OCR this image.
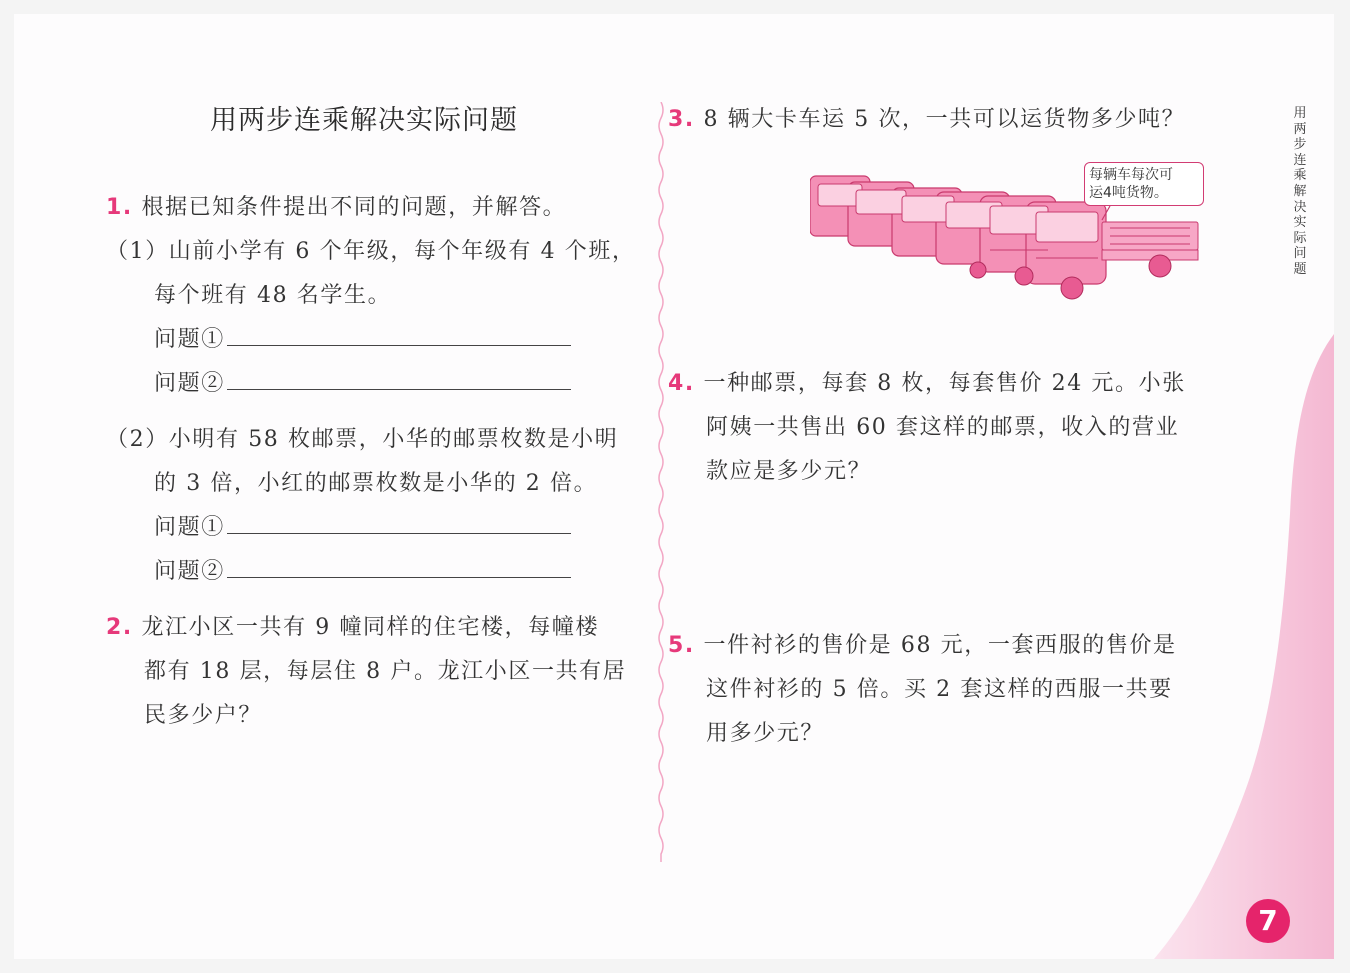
用两步连乘解决实际问题
1. 根据已知条件提出不同的问题，并解答。
（1）山前小学有 6 个年级，每个年级有 4 个班，
每个班有 48 名学生。
问题①
问题②
（2）小明有 58 枚邮票，小华的邮票枚数是小明
的 3 倍，小红的邮票枚数是小华的 2 倍。
问题①
问题②
2. 龙江小区一共有 9 幢同样的住宅楼，每幢楼
都有 18 层，每层住 8 户。龙江小区一共有居
民多少户？
3. 8 辆大卡车运 5 次，一共可以运货物多少吨？
每辆车每次可
运4吨货物。
4. 一种邮票，每套 8 枚，每套售价 24 元。小张
阿姨一共售出 60 套这样的邮票，收入的营业
款应是多少元？
5. 一件衬衫的售价是 68 元，一套西服的售价是
这件衬衫的 5 倍。买 2 套这样的西服一共要
用多少元？
用
两
步
连
乘
解
决
实
际
问
题
7
